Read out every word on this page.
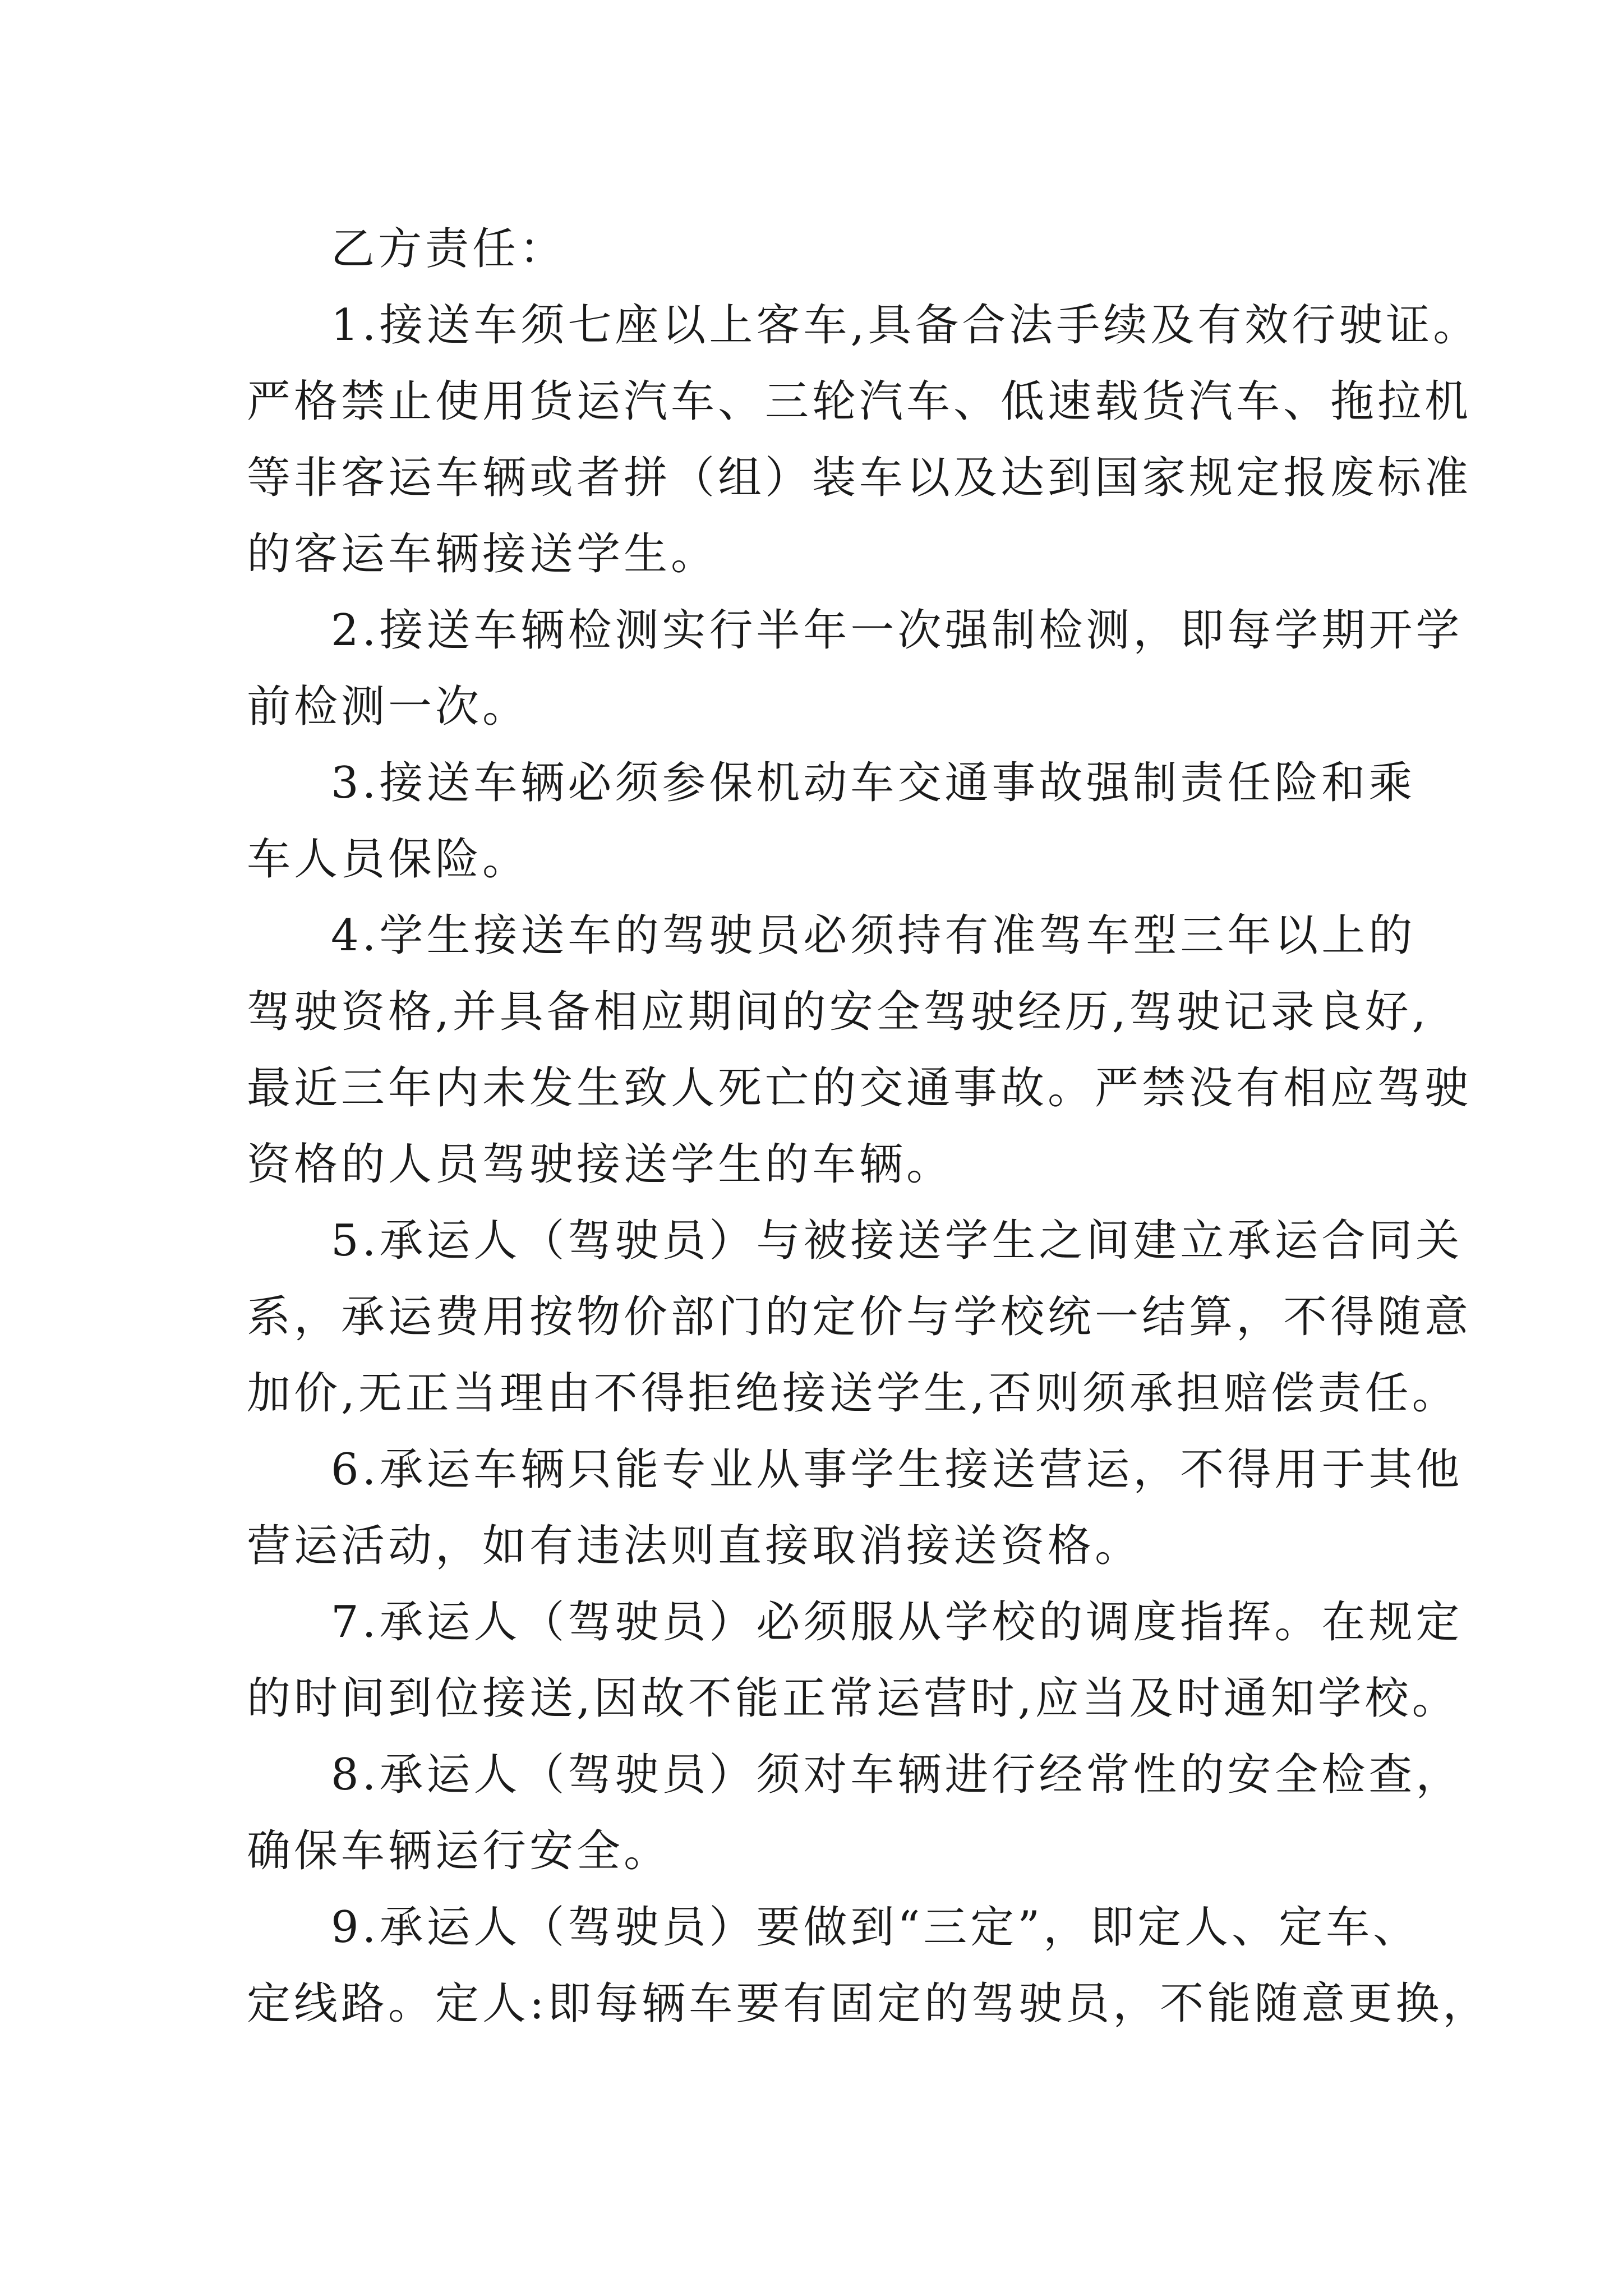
乙方责任：
1.接送车须七座以上客车,具备合法手续及有效行驶证。
严格禁止使用货运汽车、三轮汽车、低速载货汽车、拖拉机
等非客运车辆或者拼（组）装车以及达到国家规定报废标准
的客运车辆接送学生。
2.接送车辆检测实行半年一次强制检测，即每学期开学
前检测一次。
3.接送车辆必须参保机动车交通事故强制责任险和乘
车人员保险。
4.学生接送车的驾驶员必须持有准驾车型三年以上的
驾驶资格,并具备相应期间的安全驾驶经历,驾驶记录良好,
最近三年内未发生致人死亡的交通事故。严禁没有相应驾驶
资格的人员驾驶接送学生的车辆。
5.承运人（驾驶员）与被接送学生之间建立承运合同关
系，承运费用按物价部门的定价与学校统一结算，不得随意
加价,无正当理由不得拒绝接送学生,否则须承担赔偿责任。
6.承运车辆只能专业从事学生接送营运，不得用于其他
营运活动，如有违法则直接取消接送资格。
7.承运人（驾驶员）必须服从学校的调度指挥。在规定
的时间到位接送,因故不能正常运营时,应当及时通知学校。
8.承运人（驾驶员）须对车辆进行经常性的安全检查，
确保车辆运行安全。
9.承运人（驾驶员）要做到“三定”，即定人、定车、
定线路。定人:即每辆车要有固定的驾驶员，不能随意更换，
